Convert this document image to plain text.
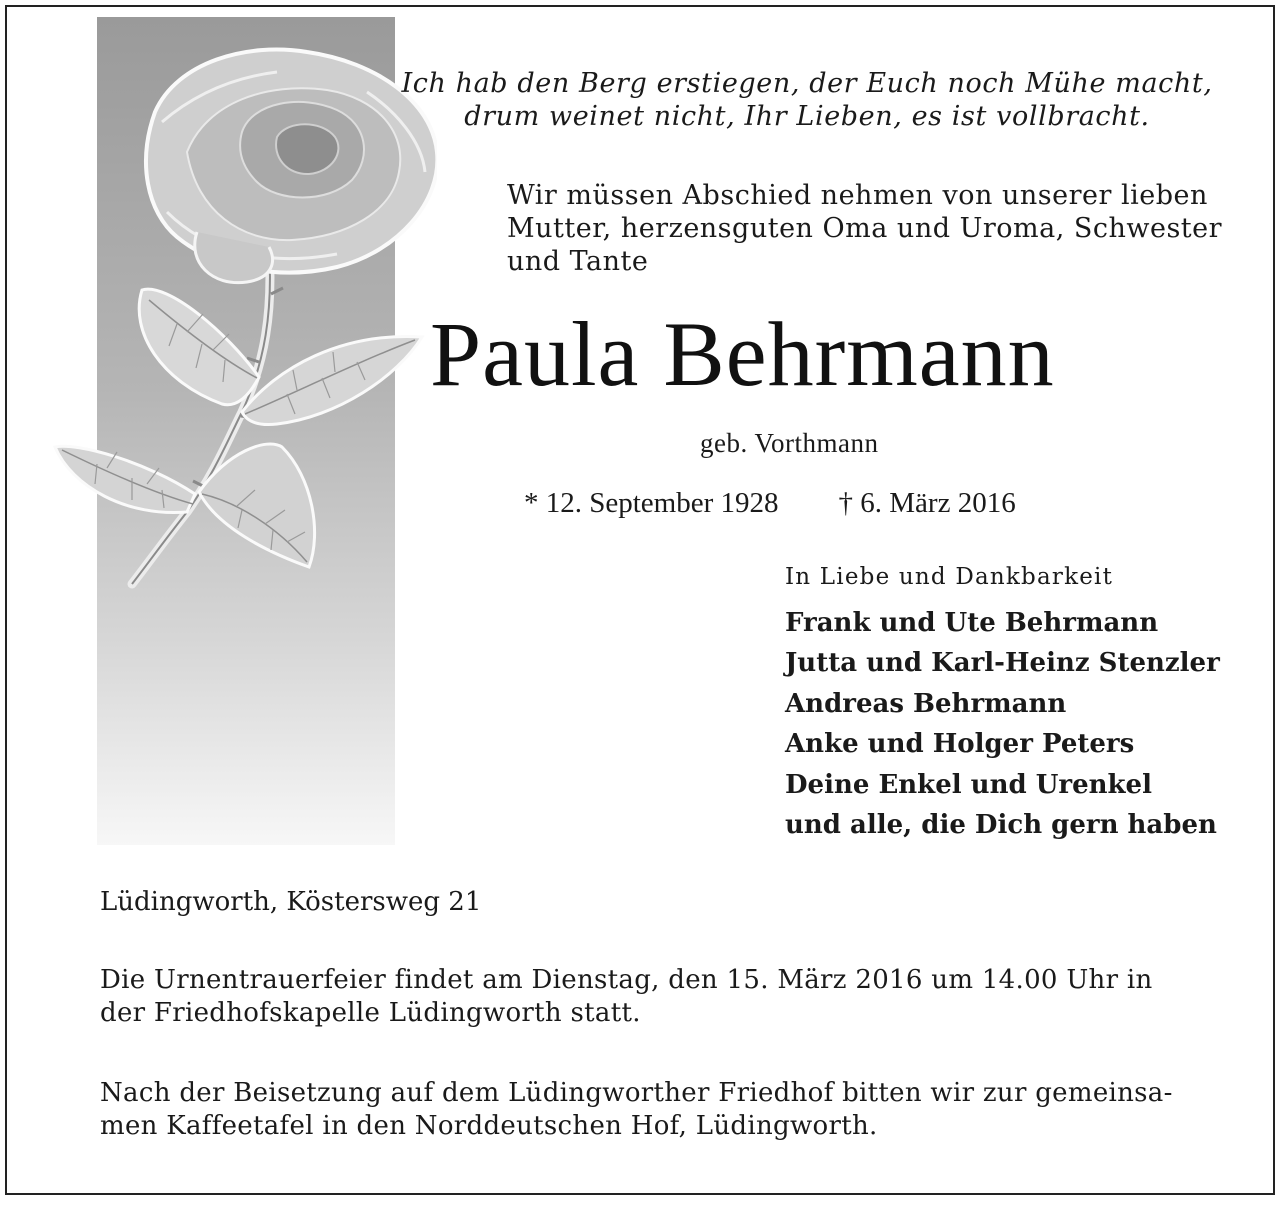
Ich hab den Berg erstiegen, der Euch noch Mühe macht,
drum weinet nicht, Ihr Lieben, es ist vollbracht.
Wir müssen Abschied nehmen von unserer lieben
Mutter, herzensguten Oma und Uroma, Schwester
und Tante
Paula Behrmann
geb. Vorthmann
* 12. September 1928 † 6. März 2016
In Liebe und Dankbarkeit
Frank und Ute Behrmann
Jutta und Karl-Heinz Stenzler
Andreas Behrmann
Anke und Holger Peters
Deine Enkel und Urenkel
und alle, die Dich gern haben
Lüdingworth, Köstersweg 21
Die Urnentrauerfeier findet am Dienstag, den 15. März 2016 um 14.00 Uhr in
der Friedhofskapelle Lüdingworth statt.
Nach der Beisetzung auf dem Lüdingworther Friedhof bitten wir zur gemeinsa-
men Kaffeetafel in den Norddeutschen Hof, Lüdingworth.
